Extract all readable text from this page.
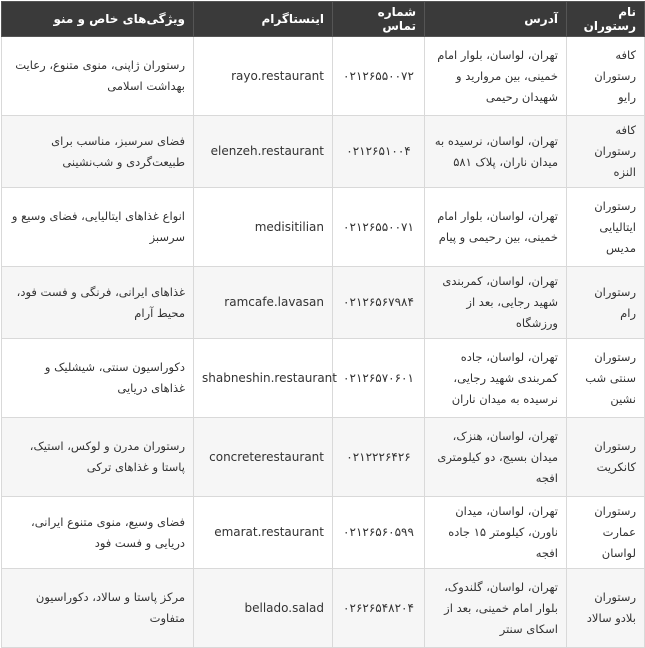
نام رستوران	آدرس	شماره تماس	اینستاگرام	ویژگی‌های خاص و منو
کافه رستوران رایو	تهران، لواسان، بلوار امام خمینی، بین مروارید و شهیدان رحیمی	۰۲۱۲۶۵۵۰۰۷۲	rayo.restaurant	رستوران ژاپنی، منوی متنوع، رعایت بهداشت اسلامی
کافه رستوران النزه	تهران، لواسان، نرسیده به میدان ناران، پلاک ۵۸۱	۰۲۱۲۶۵۱۰۰۴	elenzeh.restaurant	فضای سرسبز، مناسب برای طبیعت‌گردی و شب‌نشینی
رستوران ایتالیایی مدیس	تهران، لواسان، بلوار امام خمینی، بین رحیمی و پیام	۰۲۱۲۶۵۵۰۰۷۱	medisitilian	انواع غذاهای ایتالیایی، فضای وسیع و سرسبز
رستوران رام	تهران، لواسان، کمربندی شهید رجایی، بعد از ورزشگاه	۰۲۱۲۶۵۶۷۹۸۴	ramcafe.lavasan	غذاهای ایرانی، فرنگی و فست فود، محیط آرام
رستوران سنتی شب نشین	تهران، لواسان، جاده کمربندی شهید رجایی، نرسیده به میدان ناران	۰۲۱۲۶۵۷۰۶۰۱	shabneshin.restaurant	دکوراسیون سنتی، شیشلیک و غذاهای دریایی
رستوران کانکریت	تهران، لواسان، هنزک، میدان بسیج، دو کیلومتری افجه	۰۲۱۲۲۲۶۴۲۶	concreterestaurant	رستوران مدرن و لوکس، استیک، پاستا و غذاهای ترکی
رستوران عمارت لواسان	تهران، لواسان، میدان ناورن، کیلومتر ۱۵ جاده افجه	۰۲۱۲۶۵۶۰۵۹۹	emarat.restaurant	فضای وسیع، منوی متنوع ایرانی، دریایی و فست فود
رستوران بلادو سالاد	تهران، لواسان، گلندوک، بلوار امام خمینی، بعد از اسکای سنتر	۰۲۶۲۶۵۴۸۲۰۴	bellado.salad	مرکز پاستا و سالاد، دکوراسیون متفاوت
